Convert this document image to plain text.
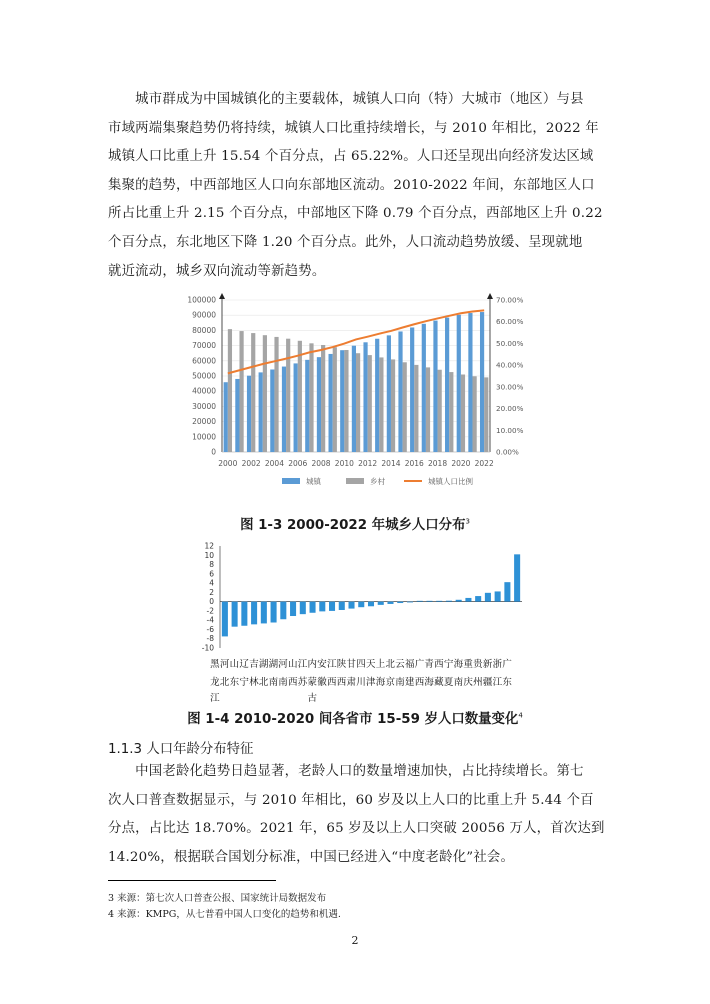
　　城市群成为中国城镇化的主要载体，城镇人口向（特）大城市（地区）与县
市域两端集聚趋势仍将持续，城镇人口比重持续增长，与 2010 年相比，2022 年
城镇人口比重上升 15.54 个百分点，占 65.22%。人口还呈现出向经济发达区域
集聚的趋势，中西部地区人口向东部地区流动。2010-2022 年间，东部地区人口
所占比重上升 2.15 个百分点，中部地区下降 0.79 个百分点，西部地区上升 0.22
个百分点，东北地区下降 1.20 个百分点。此外，人口流动趋势放缓、呈现就地
就近流动，城乡双向流动等新趋势。
0
10000
20000
30000
40000
50000
60000
70000
80000
90000
100000
0.00%
10.00%
20.00%
30.00%
40.00%
50.00%
60.00%
70.00%
2000 2002 2004 2006 2008 2010 2012 2014 2016 2018 2020 2022
城镇	乡村	城镇人口比例

图 1-3 2000-2022 年城乡人口分布$^3$

-10
-8
-6
-4
-2
0
2
4
6
8
10
12
黑 河 山 辽 吉 湖 湖 河 山 江 内 安 江 陕 甘 四 天 上 北 云 福 广 青 西 宁 海 重 贵 新 浙 广
龙 北 东 宁 林 北 南 南 西 苏 蒙 徽 西 西 肃 川 津 海 京 南 建 西 海 藏 夏 南 庆 州 疆 江 东
江	古

图 1-4 2010-2020 间各省市 15-59 岁人口数量变化$^4$

1.1.3 人口年龄分布特征

　　中国老龄化趋势日趋显著，老龄人口的数量增速加快，占比持续增长。第七
次人口普查数据显示，与 2010 年相比，60 岁及以上人口的比重上升 5.44 个百
分点，占比达 18.70%。2021 年，65 岁及以上人口突破 20056 万人，首次达到
14.20%，根据联合国划分标准，中国已经进入“中度老龄化”社会。

3 来源：第七次人口普查公报、国家统计局数据发布

4 来源：KMPG，从七普看中国人口变化的趋势和机遇.

2
